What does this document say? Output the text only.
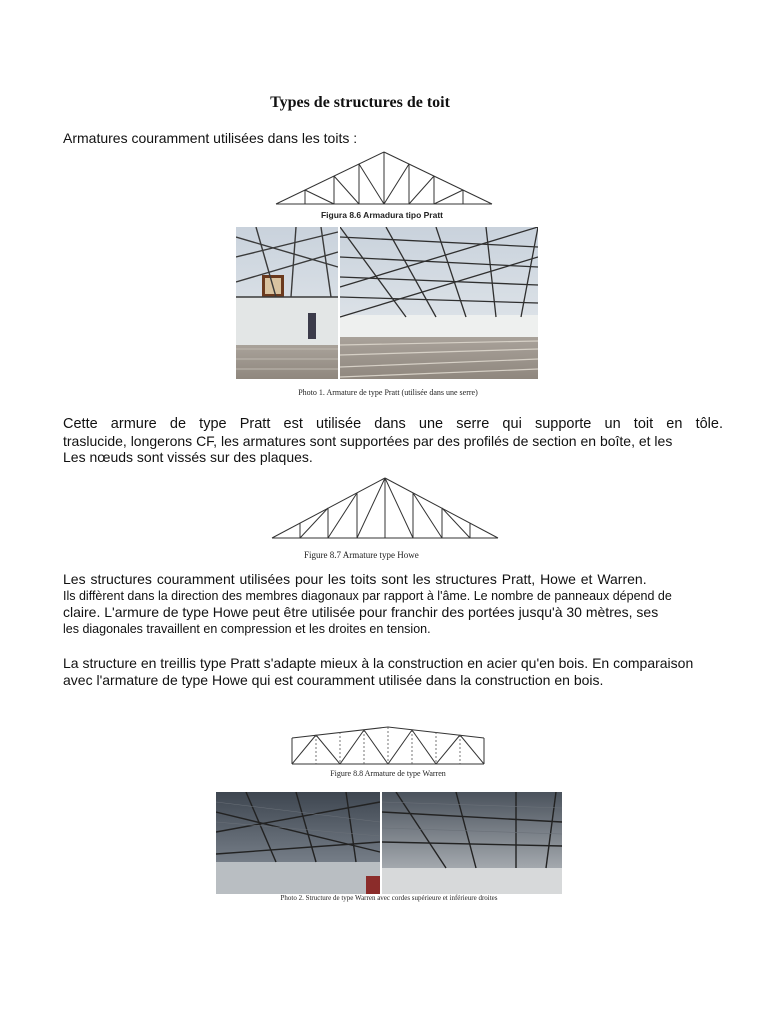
Types de structures de toit
Armatures couramment utilisées dans les toits :
Figura 8.6 Armadura tipo Pratt
Photo 1. Armature de type Pratt (utilisée dans une serre)
Cette armure de type Pratt est utilisée dans une serre qui supporte un toit en tôle.
traslucide, longerons CF, les armatures sont supportées par des profilés de section en boîte, et les
Les nœuds sont vissés sur des plaques.
Figure 8.7 Armature type Howe
Les structures couramment utilisées pour les toits sont les structures Pratt, Howe et Warren.
Ils diffèrent dans la direction des membres diagonaux par rapport à l'âme. Le nombre de panneaux dépend de
claire. L'armure de type Howe peut être utilisée pour franchir des portées jusqu'à 30 mètres, ses
les diagonales travaillent en compression et les droites en tension.
La structure en treillis type Pratt s'adapte mieux à la construction en acier qu'en bois. En comparaison
avec l'armature de type Howe qui est couramment utilisée dans la construction en bois.
Figure 8.8 Armature de type Warren
Photo 2. Structure de type Warren avec cordes supérieure et inférieure droites
